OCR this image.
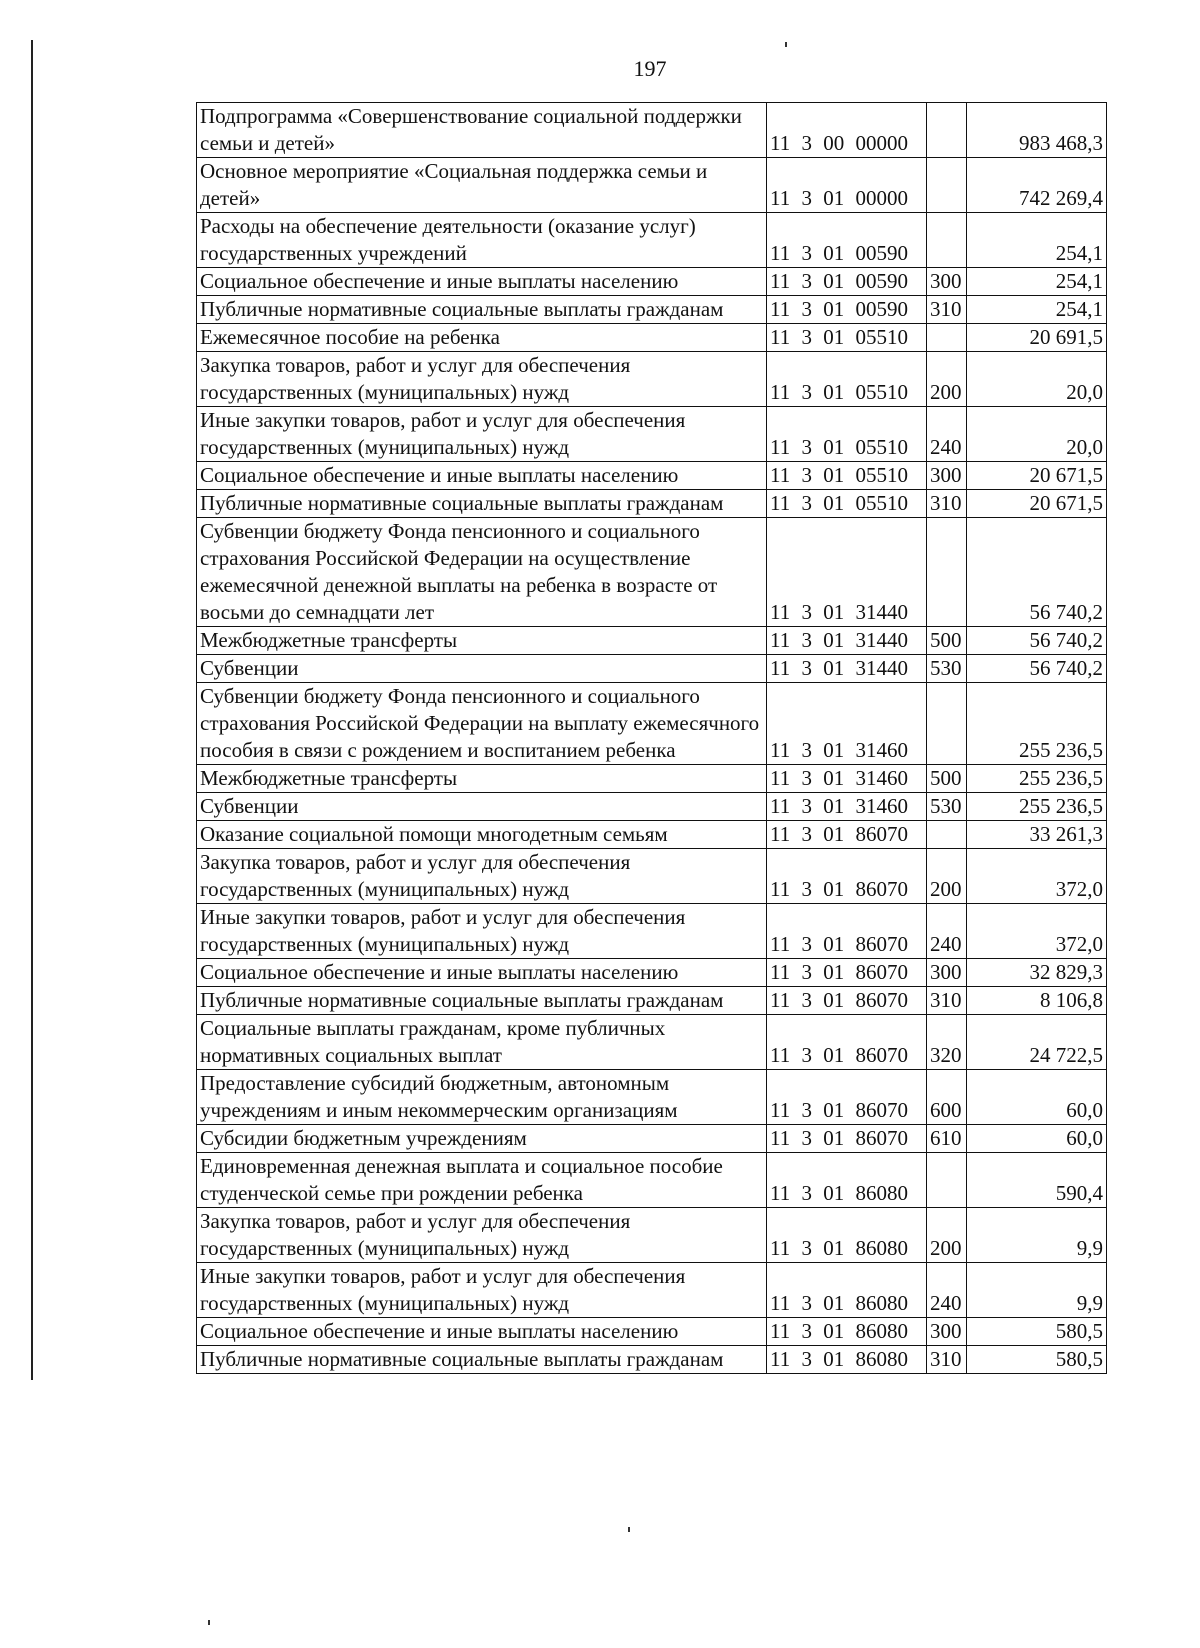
197
Подпрограмма «Совершенствование социальной поддержки семьи и детей»	11 3 00 00000		983 468,3
Основное мероприятие «Социальная поддержка семьи и детей»	11 3 01 00000		742 269,4
Расходы на обеспечение деятельности (оказание услуг) государственных учреждений	11 3 01 00590		254,1
Социальное обеспечение и иные выплаты населению	11 3 01 00590	300	254,1
Публичные нормативные социальные выплаты гражданам	11 3 01 00590	310	254,1
Ежемесячное пособие на ребенка	11 3 01 05510		20 691,5
Закупка товаров, работ и услуг для обеспечения государственных (муниципальных) нужд	11 3 01 05510	200	20,0
Иные закупки товаров, работ и услуг для обеспечения государственных (муниципальных) нужд	11 3 01 05510	240	20,0
Социальное обеспечение и иные выплаты населению	11 3 01 05510	300	20 671,5
Публичные нормативные социальные выплаты гражданам	11 3 01 05510	310	20 671,5
Субвенции бюджету Фонда пенсионного и социального страхования Российской Федерации на осуществление ежемесячной денежной выплаты на ребенка в возрасте от восьми до семнадцати лет	11 3 01 31440		56 740,2
Межбюджетные трансферты	11 3 01 31440	500	56 740,2
Субвенции	11 3 01 31440	530	56 740,2
Субвенции бюджету Фонда пенсионного и социального страхования Российской Федерации на выплату ежемесячного пособия в связи с рождением и воспитанием ребенка	11 3 01 31460		255 236,5
Межбюджетные трансферты	11 3 01 31460	500	255 236,5
Субвенции	11 3 01 31460	530	255 236,5
Оказание социальной помощи многодетным семьям	11 3 01 86070		33 261,3
Закупка товаров, работ и услуг для обеспечения государственных (муниципальных) нужд	11 3 01 86070	200	372,0
Иные закупки товаров, работ и услуг для обеспечения государственных (муниципальных) нужд	11 3 01 86070	240	372,0
Социальное обеспечение и иные выплаты населению	11 3 01 86070	300	32 829,3
Публичные нормативные социальные выплаты гражданам	11 3 01 86070	310	8 106,8
Социальные выплаты гражданам, кроме публичных нормативных социальных выплат	11 3 01 86070	320	24 722,5
Предоставление субсидий бюджетным, автономным учреждениям и иным некоммерческим организациям	11 3 01 86070	600	60,0
Субсидии бюджетным учреждениям	11 3 01 86070	610	60,0
Единовременная денежная выплата и социальное пособие студенческой семье при рождении ребенка	11 3 01 86080		590,4
Закупка товаров, работ и услуг для обеспечения государственных (муниципальных) нужд	11 3 01 86080	200	9,9
Иные закупки товаров, работ и услуг для обеспечения государственных (муниципальных) нужд	11 3 01 86080	240	9,9
Социальное обеспечение и иные выплаты населению	11 3 01 86080	300	580,5
Публичные нормативные социальные выплаты гражданам	11 3 01 86080	310	580,5
